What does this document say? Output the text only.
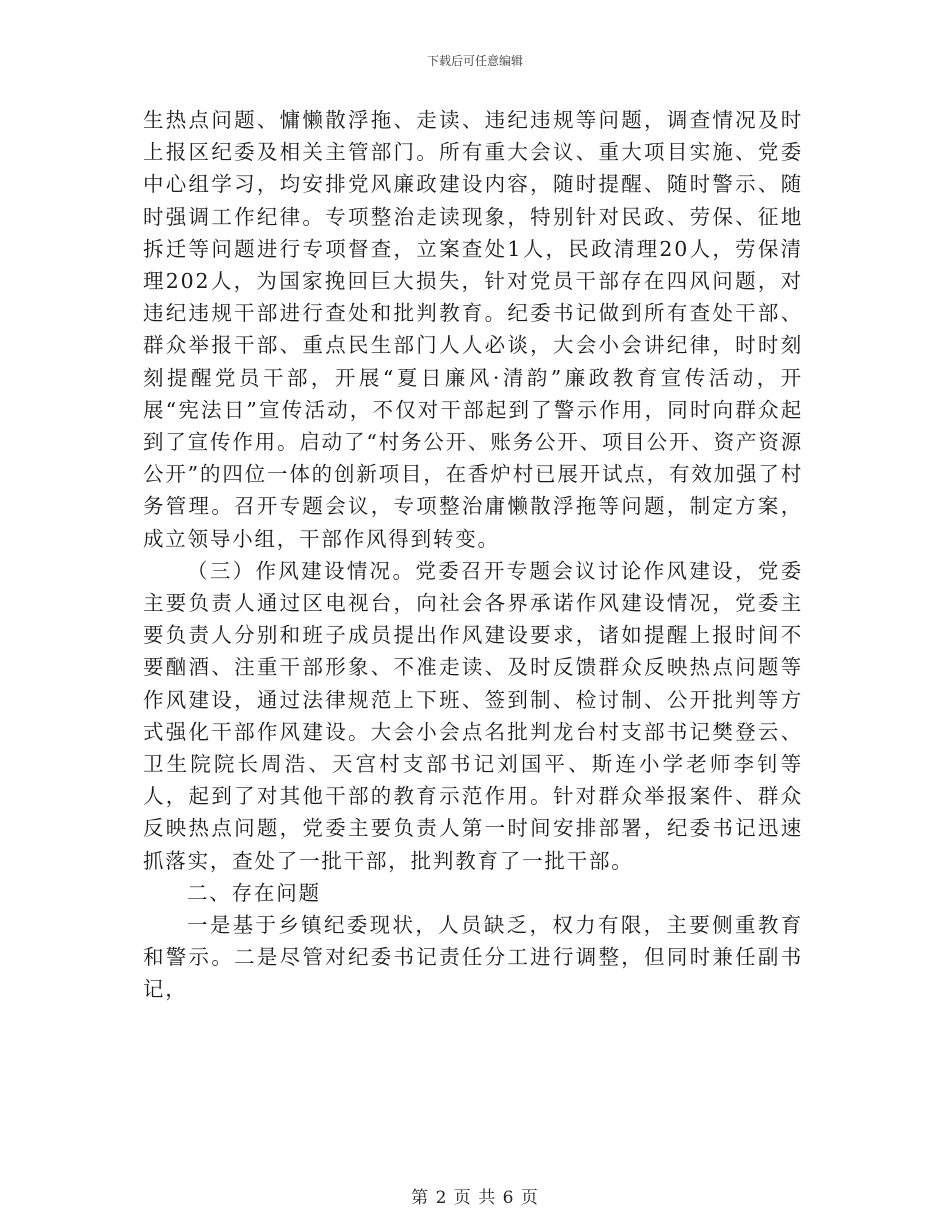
下载后可任意编辑

生热点问题、慵懒散浮拖、走读、违纪违规等问题，调查情况及时上报区纪委及相关主管部门。所有重大会议、重大项目实施、党委中心组学习，均安排党风廉政建设内容，随时提醒、随时警示、随时强调工作纪律。专项整治走读现象，特别针对民政、劳保、征地拆迁等问题进行专项督查，立案查处1人，民政清理20人，劳保清理202人，为国家挽回巨大损失，针对党员干部存在四风问题，对违纪违规干部进行查处和批判教育。纪委书记做到所有查处干部、群众举报干部、重点民生部门人人必谈，大会小会讲纪律，时时刻刻提醒党员干部，开展“夏日廉风·清韵”廉政教育宣传活动，开展“宪法日”宣传活动，不仅对干部起到了警示作用，同时向群众起到了宣传作用。启动了“村务公开、账务公开、项目公开、资产资源公开”的四位一体的创新项目，在香炉村已展开试点，有效加强了村务管理。召开专题会议，专项整治庸懒散浮拖等问题，制定方案，成立领导小组，干部作风得到转变。

（三）作风建设情况。党委召开专题会议讨论作风建设，党委主要负责人通过区电视台，向社会各界承诺作风建设情况，党委主要负责人分别和班子成员提出作风建设要求，诸如提醒上报时间不要酗酒、注重干部形象、不准走读、及时反馈群众反映热点问题等作风建设，通过法律规范上下班、签到制、检讨制、公开批判等方式强化干部作风建设。大会小会点名批判龙台村支部书记樊登云、卫生院院长周浩、天宫村支部书记刘国平、斯连小学老师李钊等人，起到了对其他干部的教育示范作用。针对群众举报案件、群众反映热点问题，党委主要负责人第一时间安排部署，纪委书记迅速抓落实，查处了一批干部，批判教育了一批干部。

二、存在问题

一是基于乡镇纪委现状，人员缺乏，权力有限，主要侧重教育和警示。二是尽管对纪委书记责任分工进行调整，但同时兼任副书记，

第 2 页 共 6 页
